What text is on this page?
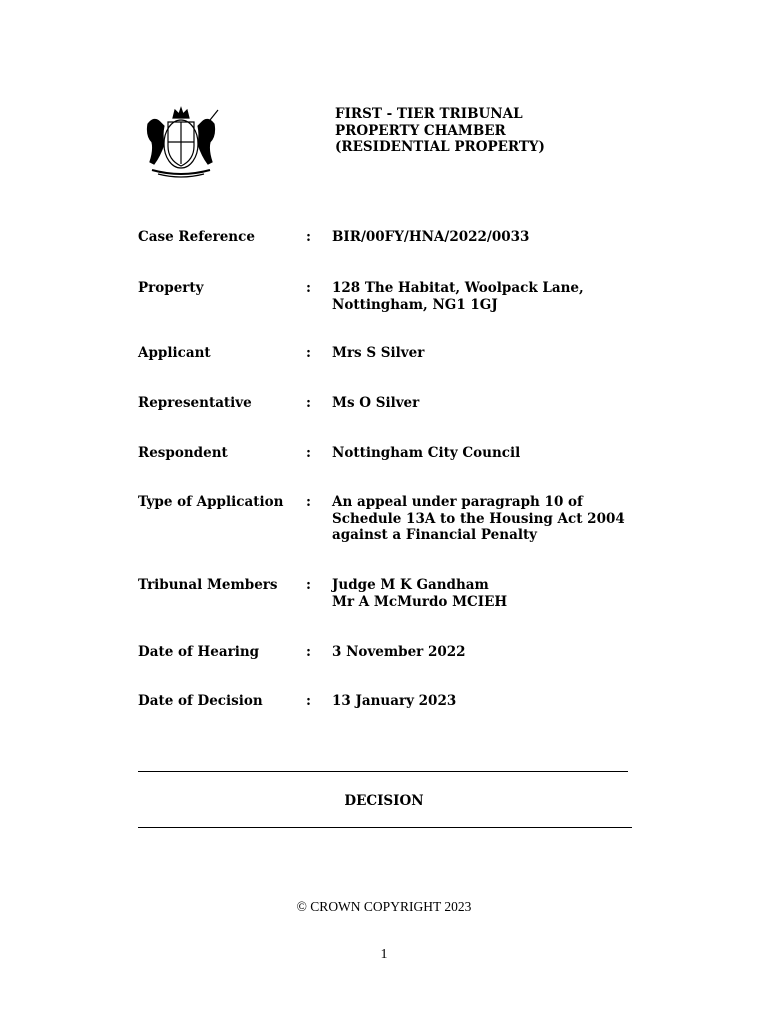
FIRST - TIER TRIBUNAL
PROPERTY CHAMBER
(RESIDENTIAL PROPERTY)
Case Reference	: BIR/00FY/HNA/2022/0033
Property	: 128 The Habitat, Woolpack Lane,
Nottingham, NG1 1GJ
Applicant	: Mrs S Silver
Representative	: Ms O Silver
Respondent	: Nottingham City Council
Type of Application : An appeal under paragraph 10 of
Schedule 13A to the Housing Act 2004
against a Financial Penalty
Tribunal Members : Judge M K Gandham
Mr A McMurdo MCIEH
Date of Hearing	: 3 November 2022
Date of Decision	: 13 January 2023
DECISION
© CROWN COPYRIGHT 2023
1
